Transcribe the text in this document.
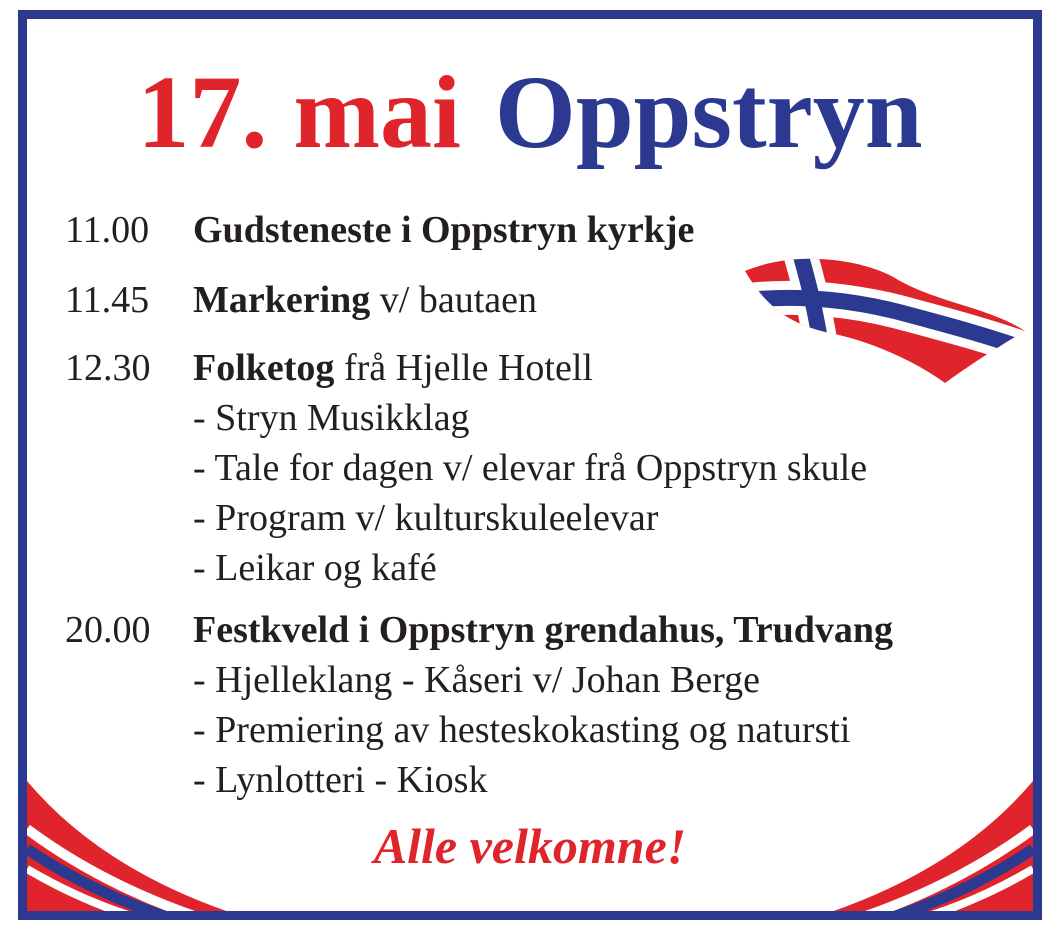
17. mai Oppstryn
11.00 Gudsteneste i Oppstryn kyrkje
11.45 Markering v/ bautaen
12.30 Folketog frå Hjelle Hotell
- Stryn Musikklag
- Tale for dagen v/ elevar frå Oppstryn skule
- Program v/ kulturskuleelevar
- Leikar og kafé
20.00 Festkveld i Oppstryn grendahus, Trudvang
- Hjelleklang - Kåseri v/ Johan Berge
- Premiering av hesteskokasting og natursti
- Lynlotteri - Kiosk
Alle velkomne!
